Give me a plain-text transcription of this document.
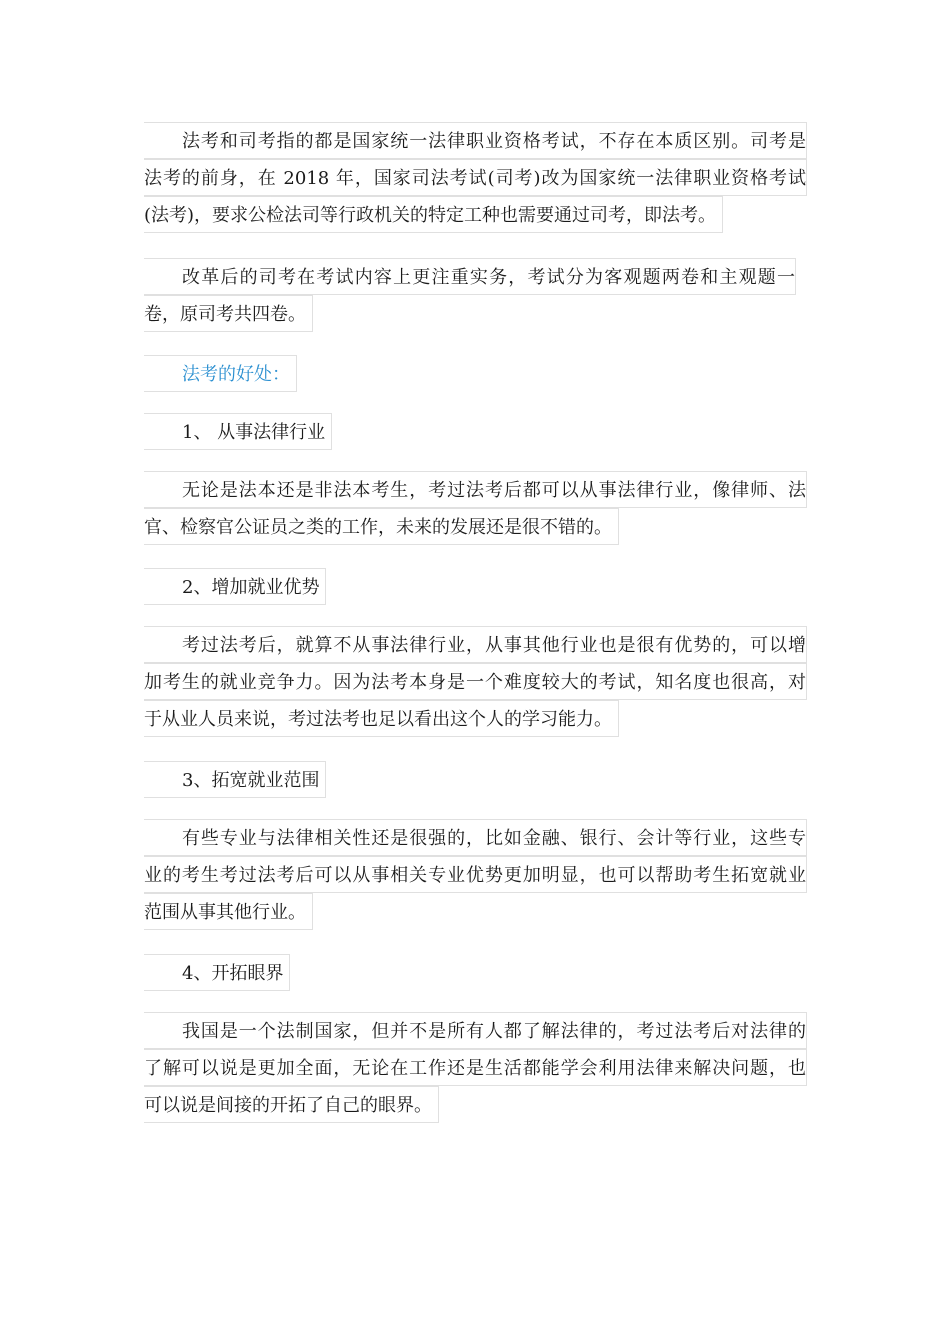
法考和司考指的都是国家统一法律职业资格考试，不存在本质区别。司考是
法考的前身，在 2018 年，国家司法考试(司考)改为国家统一法律职业资格考试
(法考)，要求公检法司等行政机关的特定工种也需要通过司考，即法考。
改革后的司考在考试内容上更注重实务，考试分为客观题两卷和主观题一
卷，原司考共四卷。
法考的好处：
1、 从事法律行业
无论是法本还是非法本考生，考过法考后都可以从事法律行业，像律师、法
官、检察官公证员之类的工作，未来的发展还是很不错的。
2、增加就业优势
考过法考后，就算不从事法律行业，从事其他行业也是很有优势的，可以增
加考生的就业竞争力。因为法考本身是一个难度较大的考试，知名度也很高，对
于从业人员来说，考过法考也足以看出这个人的学习能力。
3、拓宽就业范围
有些专业与法律相关性还是很强的，比如金融、银行、会计等行业，这些专
业的考生考过法考后可以从事相关专业优势更加明显，也可以帮助考生拓宽就业
范围从事其他行业。
4、开拓眼界
我国是一个法制国家，但并不是所有人都了解法律的，考过法考后对法律的
了解可以说是更加全面，无论在工作还是生活都能学会利用法律来解决问题，也
可以说是间接的开拓了自己的眼界。
